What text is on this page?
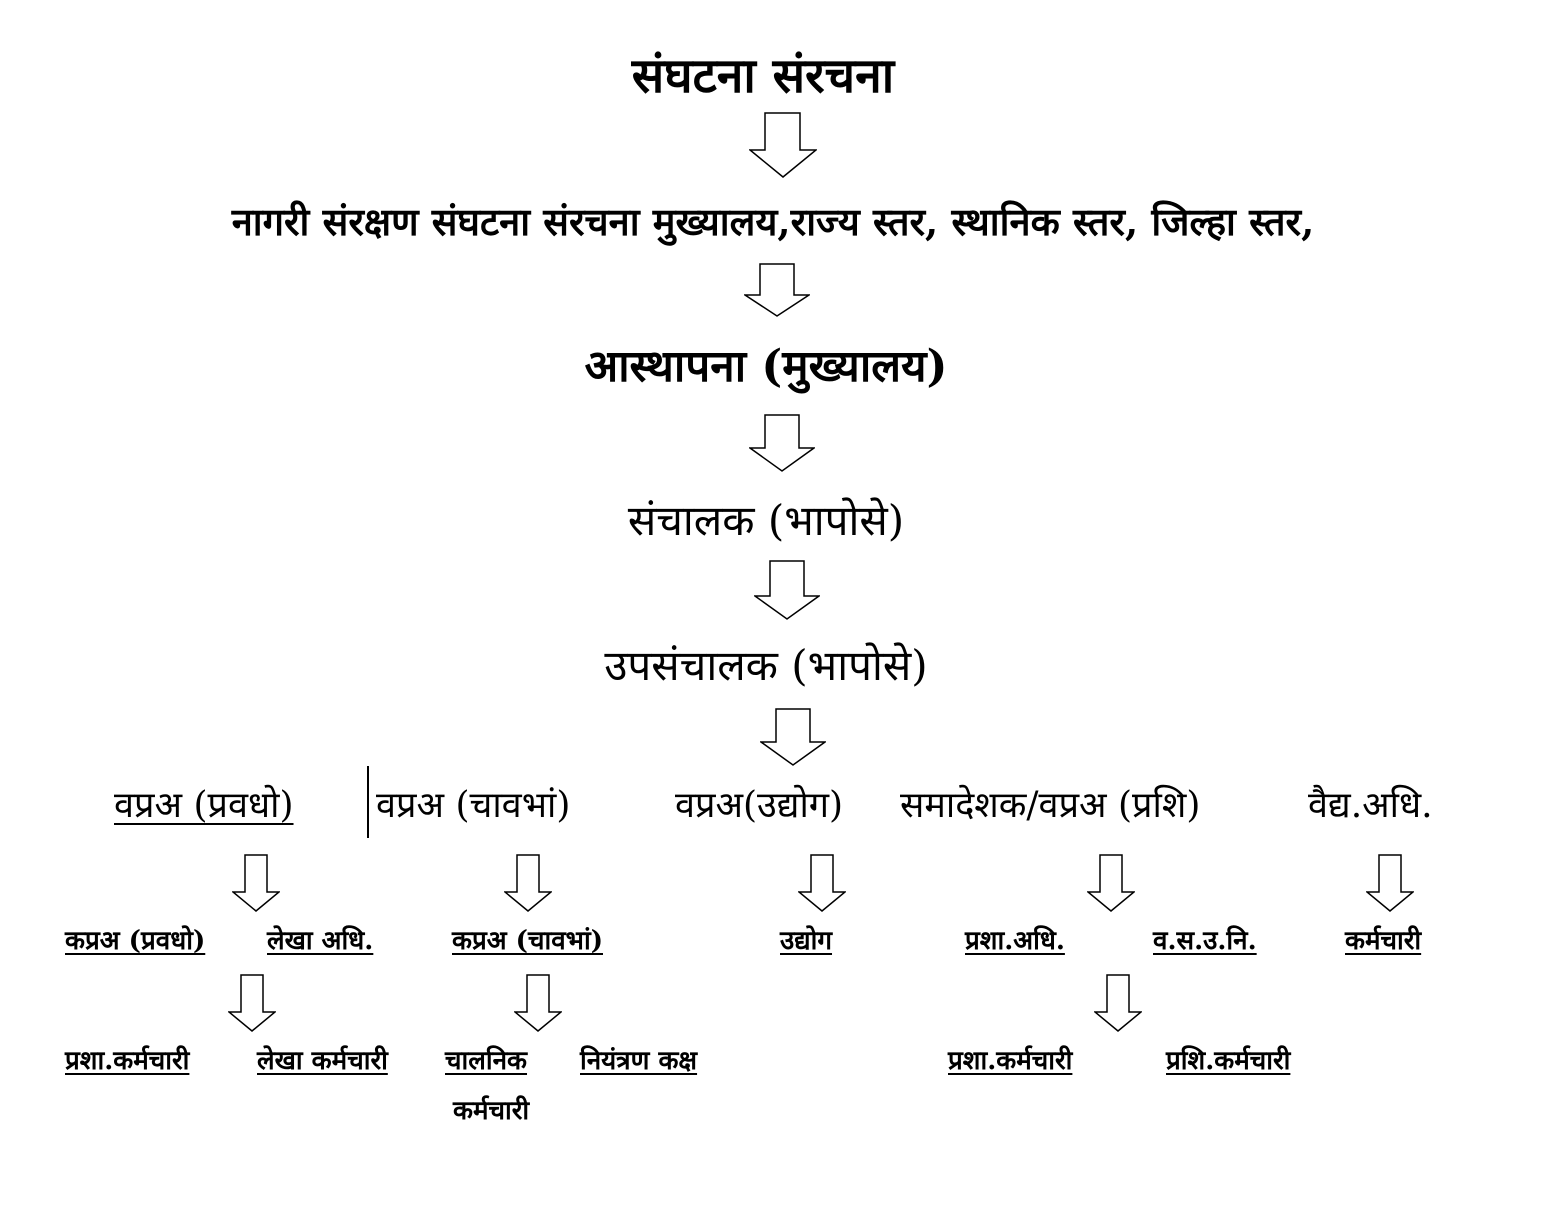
संघटना संरचना
नागरी संरक्षण संघटना संरचना मुख्यालय,राज्य स्तर, स्थानिक स्तर, जिल्हा स्तर,
आस्थापना (मुख्यालय)
संचालक (भापोसे)
उपसंचालक (भापोसे)
वप्रअ (प्रवधो) वप्रअ (चावभां)	वप्रअ(उद्योग) समादेशक/वप्रअ (प्रशि)	वैद्य.अधि.
कप्रअ (प्रवधो) लेखा अधि.	कप्रअ (चावभां)	उद्योग	प्रशा.अधि.	व.स.उ.नि.	कर्मचारी
प्रशा.कर्मचारी	लेखा कर्मचारी चालनिक
कर्मचारी
नियंत्रण कक्ष	प्रशा.कर्मचारी	प्रशि.कर्मचारी
